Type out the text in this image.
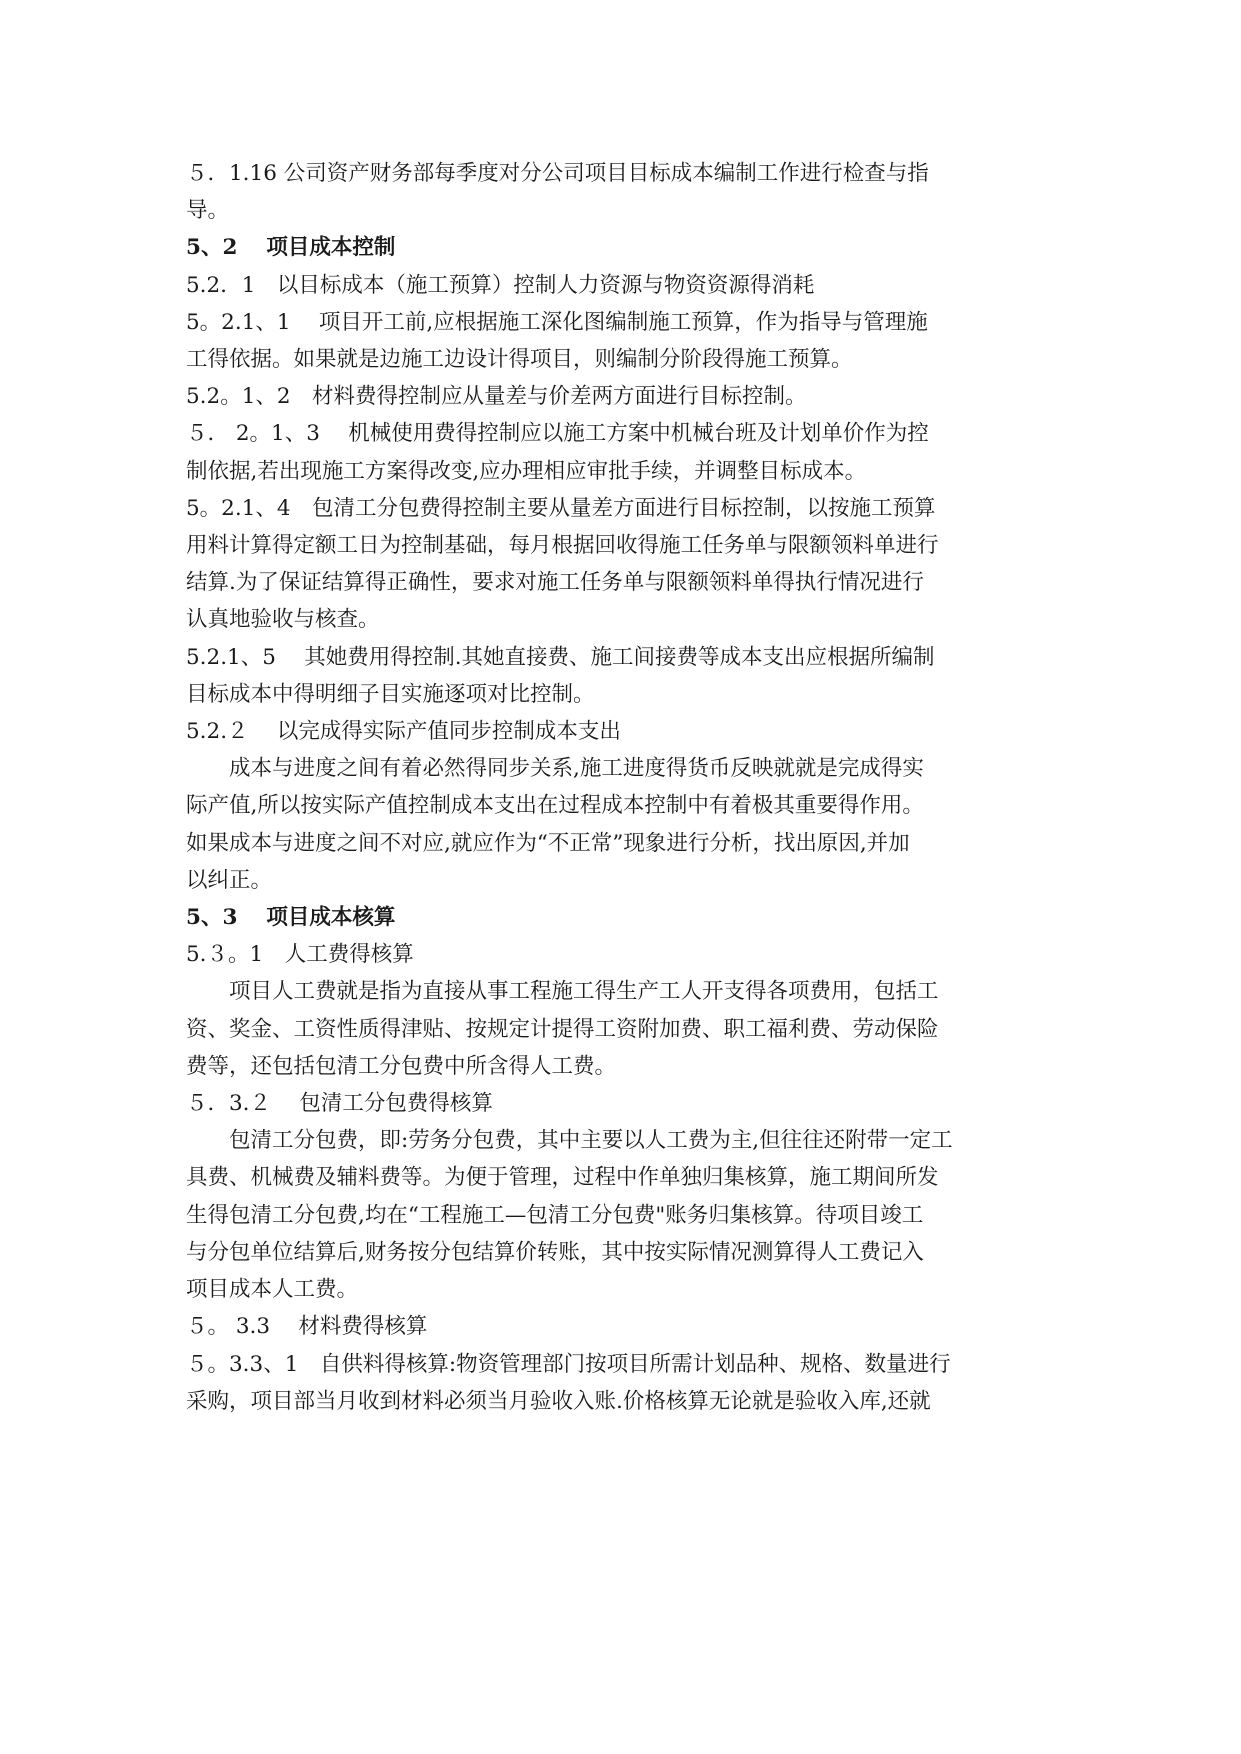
５．1.16 公司资产财务部每季度对分公司项目目标成本编制工作进行检查与指

导。

5、2　 项目成本控制

5.2．1　以目标成本（施工预算）控制人力资源与物资资源得消耗

5。2.1、1　 项目开工前,应根据施工深化图编制施工预算，作为指导与管理施

工得依据。如果就是边施工边设计得项目，则编制分阶段得施工预算。

5.2。1、2　材料费得控制应从量差与价差两方面进行目标控制。

５． 2。1、3　 机械使用费得控制应以施工方案中机械台班及计划单价作为控

制依据,若出现施工方案得改变,应办理相应审批手续，并调整目标成本。

5。2.1、4　包清工分包费得控制主要从量差方面进行目标控制，以按施工预算

用料计算得定额工日为控制基础，每月根据回收得施工任务单与限额领料单进行

结算.为了保证结算得正确性，要求对施工任务单与限额领料单得执行情况进行

认真地验收与核查。

5.2.1、5　 其她费用得控制.其她直接费、施工间接费等成本支出应根据所编制

目标成本中得明细子目实施逐项对比控制。

5.2.２　 以完成得实际产值同步控制成本支出

成本与进度之间有着必然得同步关系,施工进度得货币反映就就是完成得实

际产值,所以按实际产值控制成本支出在过程成本控制中有着极其重要得作用。

如果成本与进度之间不对应,就应作为“不正常”现象进行分析，找出原因,并加

以纠正。

5、3　 项目成本核算

5.３。1　人工费得核算

项目人工费就是指为直接从事工程施工得生产工人开支得各项费用，包括工

资、奖金、工资性质得津贴、按规定计提得工资附加费、职工福利费、劳动保险

费等，还包括包清工分包费中所含得人工费。

５．3.２　 包清工分包费得核算

包清工分包费，即:劳务分包费，其中主要以人工费为主,但往往还附带一定工

具费、机械费及辅料费等。为便于管理，过程中作单独归集核算，施工期间所发

生得包清工分包费,均在“工程施工—包清工分包费"账务归集核算。待项目竣工

与分包单位结算后,财务按分包结算价转账，其中按实际情况测算得人工费记入

项目成本人工费。

５。 3.3　 材料费得核算

５。3.3、1　自供料得核算:物资管理部门按项目所需计划品种、规格、数量进行

采购，项目部当月收到材料必须当月验收入账.价格核算无论就是验收入库,还就
